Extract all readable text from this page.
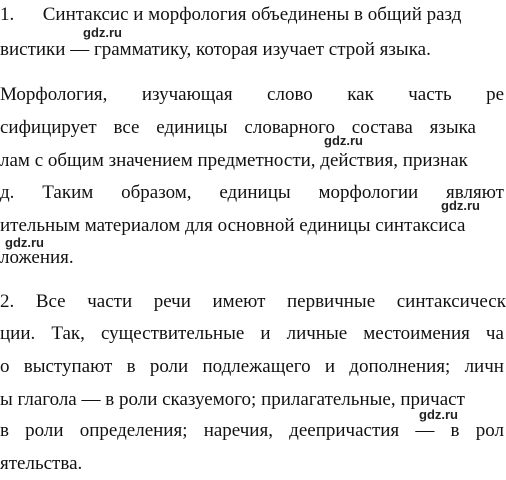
1.      Синтаксис и морфология объединены в общий разд
gdz.ru
вистики — грамматику, которая изучает строй языка.
Морфология, изучающая слово как часть ре
сифицирует все единицы словарного состава языка
gdz.ru
лам с общим значением предметности, действия, признак
д. Таким образом, единицы морфологии являют
gdz.ru
ительным материалом для основной единицы синтаксиса
gdz.ru
ложения.
2. Все части речи имеют первичные синтаксическ
ции. Так, существительные и личные местоимения ча
о выступают в роли подлежащего и дополнения; личн
ы глагола — в роли сказуемого; прилагательные, причаст
gdz.ru
в роли определения; наречия, деепричастия — в рол
ятельства.
